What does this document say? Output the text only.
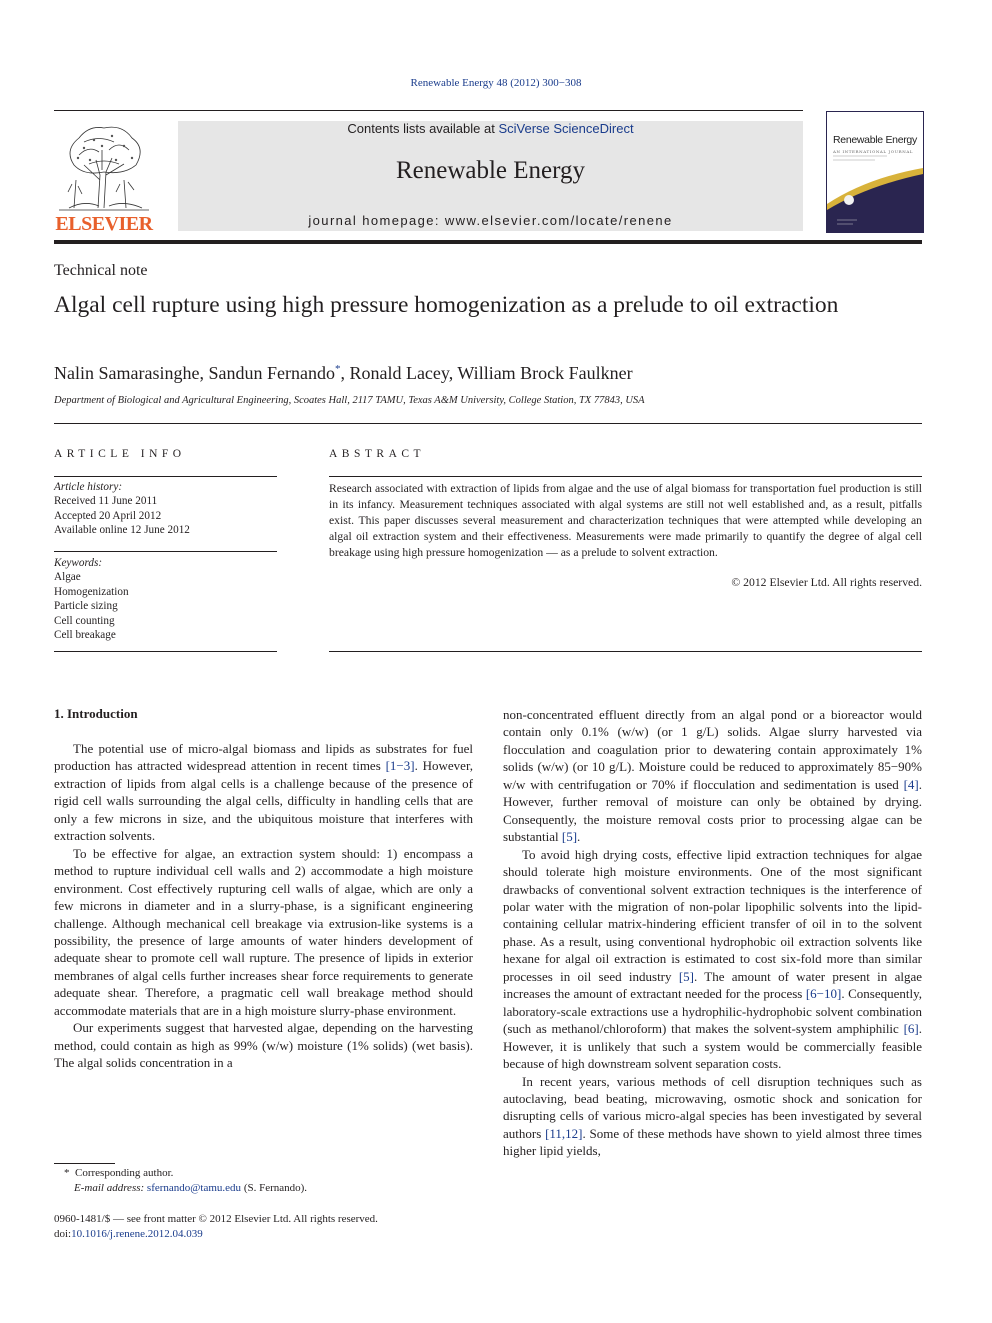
Renewable Energy 48 (2012) 300−308
ELSEVIER
Contents lists available at SciVerse ScienceDirect
Renewable Energy
journal homepage: www.elsevier.com/locate/renene
Renewable Energy
AN INTERNATIONAL JOURNAL
Technical note
Algal cell rupture using high pressure homogenization as a prelude to oil extraction
Nalin Samarasinghe, Sandun Fernando*, Ronald Lacey, William Brock Faulkner
Department of Biological and Agricultural Engineering, Scoates Hall, 2117 TAMU, Texas A&M University, College Station, TX 77843, USA
ARTICLE INFO	ABSTRACT
Article history:
Received 11 June 2011
Accepted 20 April 2012
Available online 12 June 2012
Keywords:
Algae
Homogenization
Particle sizing
Cell counting
Cell breakage
Research associated with extraction of lipids from algae and the use of algal biomass for transportation fuel production is still in its infancy. Measurement techniques associated with algal systems are still not well established and, as a result, pitfalls exist. This paper discusses several measurement and characterization techniques that were attempted while developing an algal oil extraction system and their effectiveness. Measurements were made primarily to quantify the degree of algal cell breakage using high pressure homogenization — as a prelude to solvent extraction.
© 2012 Elsevier Ltd. All rights reserved.
1. Introduction

The potential use of micro-algal biomass and lipids as substrates for fuel production has attracted widespread attention in recent times [1−3]. However, extraction of lipids from algal cells is a challenge because of the presence of rigid cell walls surrounding the algal cells, difficulty in handling cells that are only a few microns in size, and the ubiquitous moisture that interferes with extraction solvents.

To be effective for algae, an extraction system should: 1) encompass a method to rupture individual cell walls and 2) accommodate a high moisture environment. Cost effectively rupturing cell walls of algae, which are only a few microns in diameter and in a slurry-phase, is a significant engineering challenge. Although mechanical cell breakage via extrusion-like systems is a possibility, the presence of large amounts of water hinders development of adequate shear to promote cell wall rupture. The presence of lipids in exterior membranes of algal cells further increases shear force requirements to generate adequate shear. Therefore, a pragmatic cell wall breakage method should accommodate materials that are in a high moisture slurry-phase environment.

Our experiments suggest that harvested algae, depending on the harvesting method, could contain as high as 99% (w/w) moisture (1% solids) (wet basis). The algal solids concentration in a

non-concentrated effluent directly from an algal pond or a bioreactor would contain only 0.1% (w/w) (or 1 g/L) solids. Algae slurry harvested via flocculation and coagulation prior to dewatering contain approximately 1% solids (w/w) (or 10 g/L). Moisture could be reduced to approximately 85−90% w/w with centrifugation or 70% if flocculation and sedimentation is used [4]. However, further removal of moisture can only be obtained by drying. Consequently, the moisture removal costs prior to processing algae can be substantial [5].

To avoid high drying costs, effective lipid extraction techniques for algae should tolerate high moisture environments. One of the most significant drawbacks of conventional solvent extraction techniques is the interference of polar water with the migration of non-polar lipophilic solvents into the lipid-containing cellular matrix-hindering efficient transfer of oil in to the solvent phase. As a result, using conventional hydrophobic oil extraction solvents like hexane for algal oil extraction is estimated to cost six-fold more than similar processes in oil seed industry [5]. The amount of water present in algae increases the amount of extractant needed for the process [6−10]. Consequently, laboratory-scale extractions use a hydrophilic-hydrophobic solvent combination (such as methanol/chloroform) that makes the solvent-system amphiphilic [6]. However, it is unlikely that such a system would be commercially feasible because of high downstream solvent separation costs.

In recent years, various methods of cell disruption techniques such as autoclaving, bead beating, microwaving, osmotic shock and sonication for disrupting cells of various micro-algal species has been investigated by several authors [11,12]. Some of these methods have shown to yield almost three times higher lipid yields,

* Corresponding author.
E-mail address: sfernando@tamu.edu (S. Fernando).
0960-1481/$ — see front matter © 2012 Elsevier Ltd. All rights reserved.
doi:10.1016/j.renene.2012.04.039
